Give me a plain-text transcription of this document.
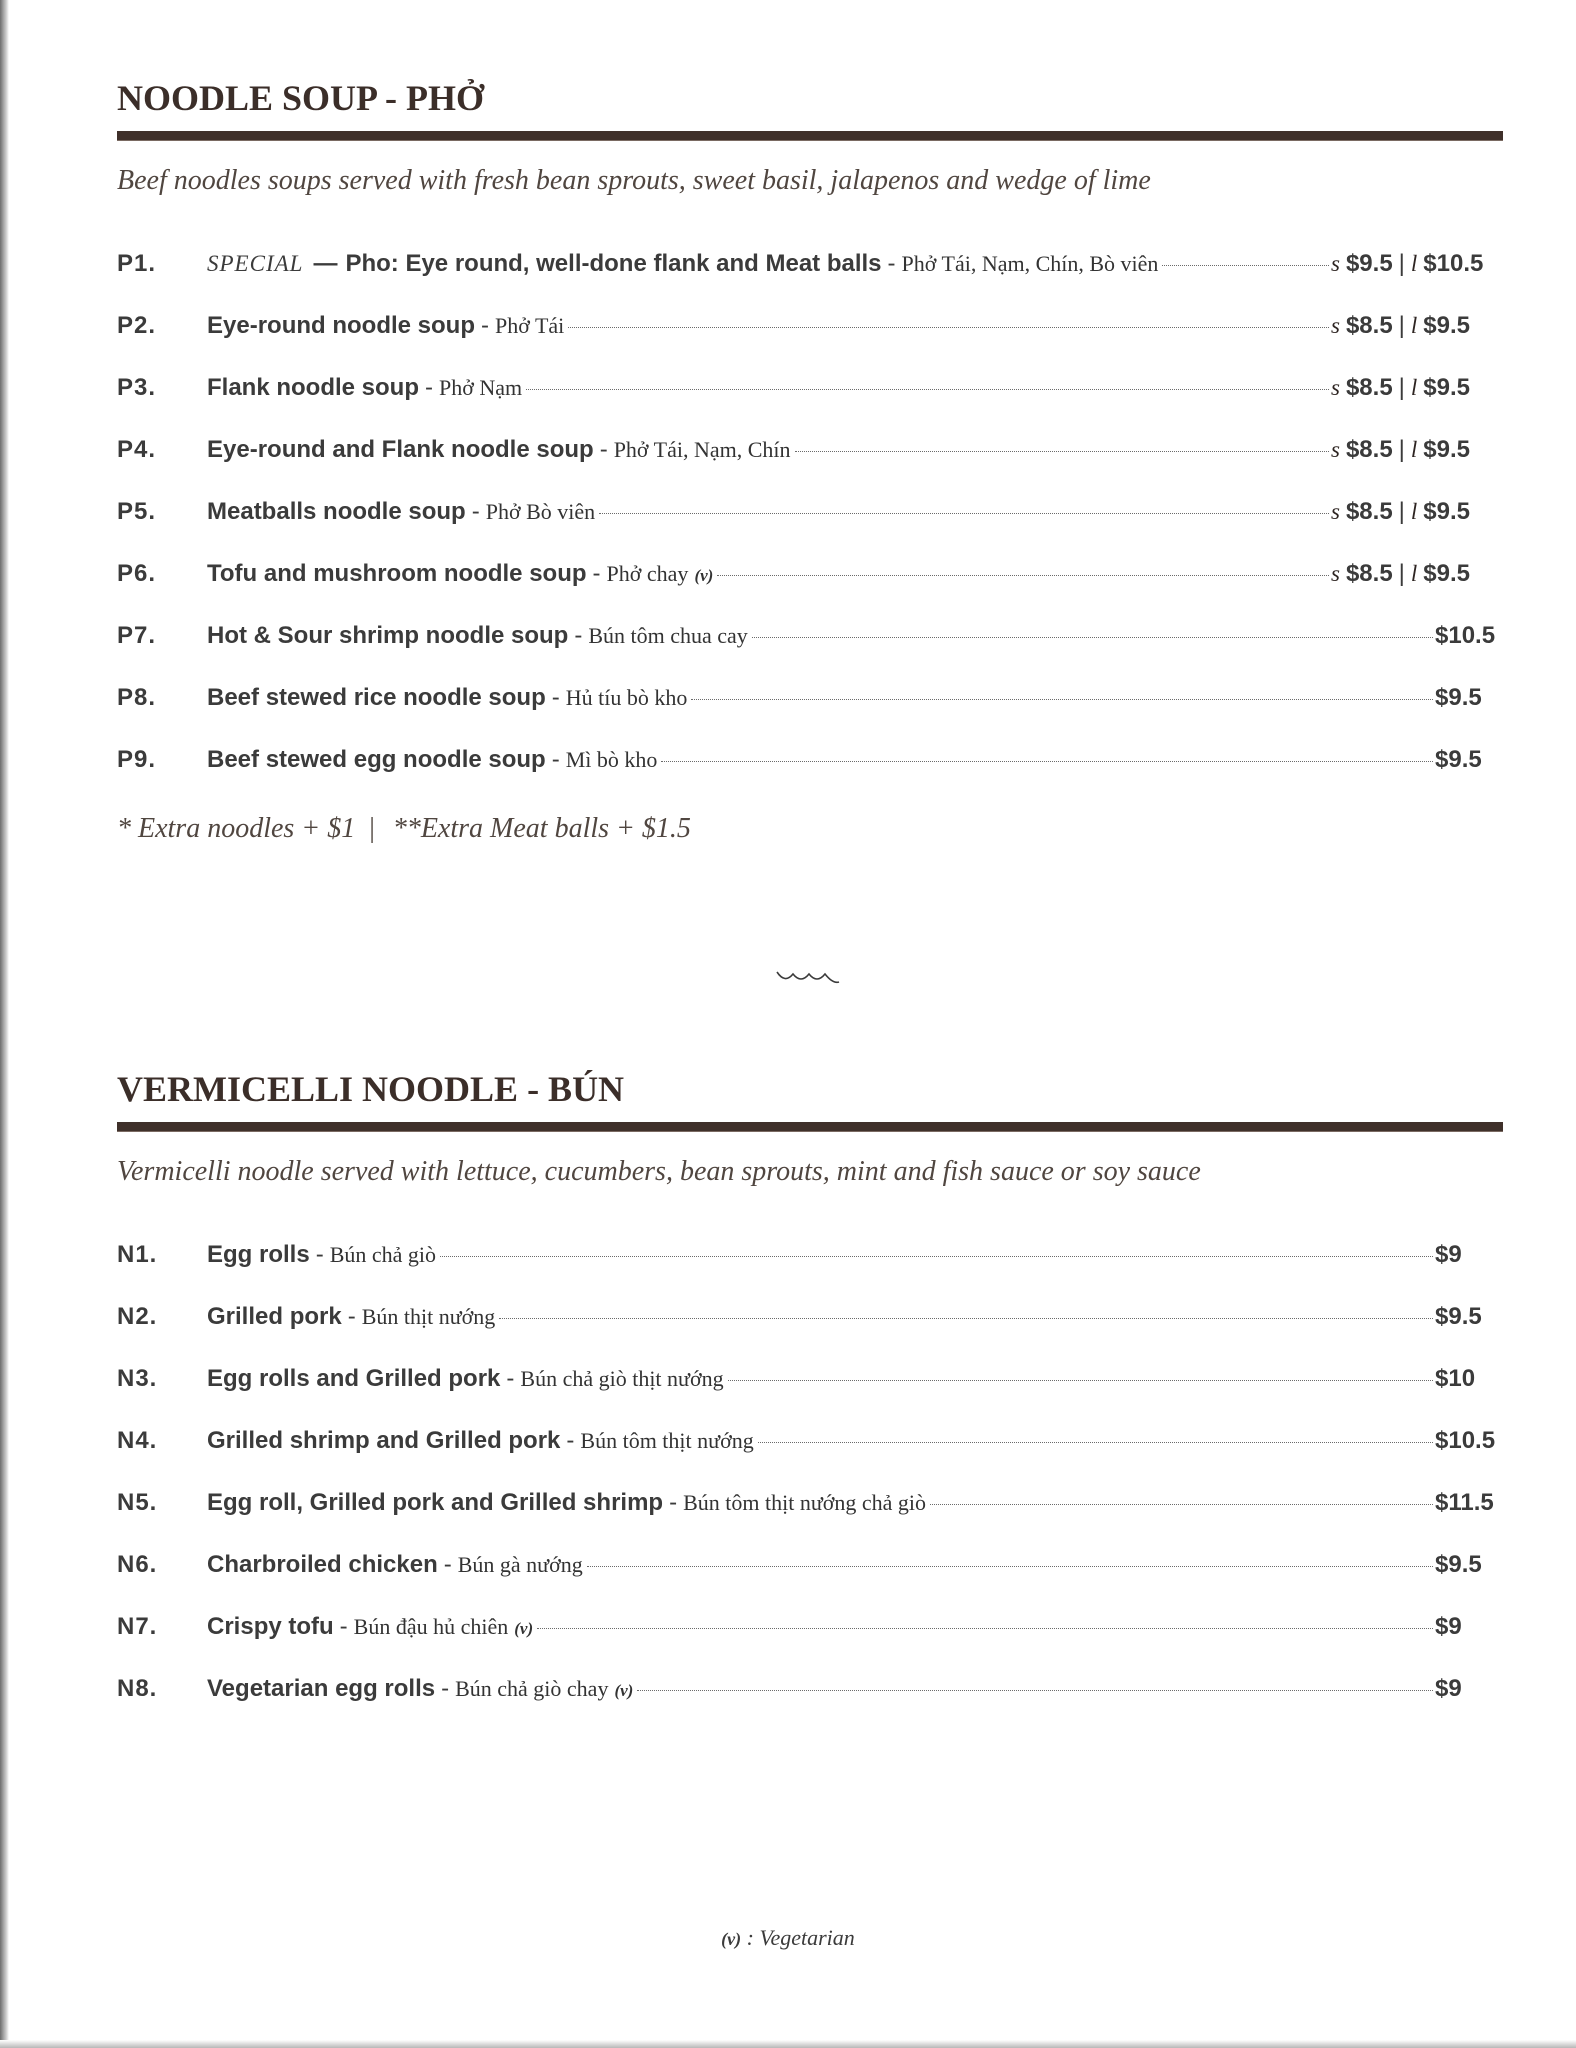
NOODLE SOUP - PHỞ

Beef noodles soups served with fresh bean sprouts, sweet basil, jalapenos and wedge of lime

P1.	SPECIAL — Pho: Eye round, well-done flank and Meat balls - Phở Tái, Nạm, Chín, Bò viên	s $9.5 | l $10.5
P2.	Eye-round noodle soup - Phở Tái	s $8.5 | l $9.5
P3.	Flank noodle soup - Phở Nạm	s $8.5 | l $9.5
P4.	Eye-round and Flank noodle soup - Phở Tái, Nạm, Chín	s $8.5 | l $9.5
P5.	Meatballs noodle soup - Phở Bò viên	s $8.5 | l $9.5
P6.	Tofu and mushroom noodle soup - Phở chay (v)	s $8.5 | l $9.5
P7.	Hot & Sour shrimp noodle soup - Bún tôm chua cay	$10.5
P8.	Beef stewed rice noodle soup - Hủ tíu bò kho	$9.5
P9.	Beef stewed egg noodle soup - Mì bò kho	$9.5
* Extra noodles + $1 | **Extra Meat balls + $1.5
VERMICELLI NOODLE - BÚN

Vermicelli noodle served with lettuce, cucumbers, bean sprouts, mint and fish sauce or soy sauce

N1.	Egg rolls - Bún chả giò	$9
N2.	Grilled pork - Bún thịt nướng	$9.5
N3.	Egg rolls and Grilled pork - Bún chả giò thịt nướng	$10
N4.	Grilled shrimp and Grilled pork - Bún tôm thịt nướng	$10.5
N5.	Egg roll, Grilled pork and Grilled shrimp - Bún tôm thịt nướng chả giò	$11.5
N6.	Charbroiled chicken - Bún gà nướng	$9.5
N7.	Crispy tofu - Bún đậu hủ chiên (v)	$9
N8.	Vegetarian egg rolls - Bún chả giò chay (v)	$9
(v) : Vegetarian
